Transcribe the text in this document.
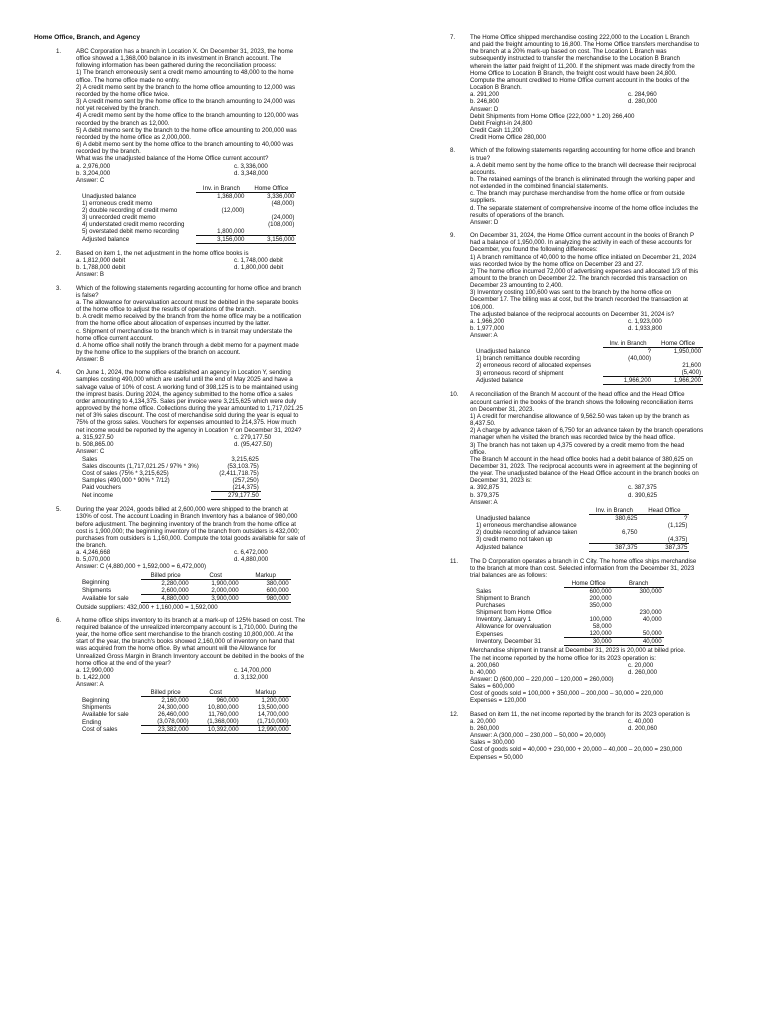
Home Office, Branch, and Agency
1. ABC Corporation has a branch in Location X. On December 31, 2023, the home
office showed a 1,368,000 balance in its investment in Branch account. The
following information has been gathered during the reconciliation process:
1) The branch erroneously sent a credit memo amounting to 48,000 to the home
office. The home office made no entry.
2) A credit memo sent by the branch to the home office amounting to 12,000 was
recorded by the home office twice.
3) A credit memo sent by the home office to the branch amounting to 24,000 was
not yet received by the branch.
4) A credit memo sent by the home office to the branch amounting to 120,000 was
recorded by the branch as 12,000.
5) A debit memo sent by the branch to the home office amounting to 200,000 was
recorded by the home office as 2,000,000.
6) A debit memo sent by the home office to the branch amounting to 40,000 was
recorded by the branch.
What was the unadjusted balance of the Home Office current account?
a. 2,976,000	c. 3,336,000
b. 3,204,000	d. 3,348,000
Answer: C
	Inv. in Branch	Home Office
Unadjusted balance	1,368,000	3,336,000
1) erroneous credit memo		(48,000)
2) double recording of credit memo	(12,000)	
3) unrecorded credit memo		(24,000)
4) understated credit memo recording		(108,000)
5) overstated debit memo recording	1,800,000	
Adjusted balance	3,156,000	3,156,000
2. Based on item 1, the net adjustment in the home office books is
a. 1,812,000 debit	c. 1,748,000 debit
b. 1,788,000 debit	d. 1,800,000 debit
Answer: B
3. Which of the following statements regarding accounting for home office and branch
is false?
a. The allowance for overvaluation account must be debited in the separate books
of the home office to adjust the results of operations of the branch.
b. A credit memo received by the branch from the home office may be a notification
from the home office about allocation of expenses incurred by the latter.
c. Shipment of merchandise to the branch which is in transit may understate the
home office current account.
d. A home office shall notify the branch through a debit memo for a payment made
by the home office to the suppliers of the branch on account.
Answer: B
4. On June 1, 2024, the home office established an agency in Location Y, sending
samples costing 490,000 which are useful until the end of May 2025 and have a
salvage value of 10% of cost. A working fund of 398,125 is to be maintained using
the imprest basis. During 2024, the agency submitted to the home office a sales
order amounting to 4,134,375. Sales per invoice were 3,215,625 which were duly
approved by the home office. Collections during the year amounted to 1,717,021.25
net of 3% sales discount. The cost of merchandise sold during the year is equal to
75% of the gross sales. Vouchers for expenses amounted to 214,375. How much
net income would be reported by the agency in Location Y on December 31, 2024?
a. 315,927.50	c. 279,177.50
b. 508,865.00	d. (95,427.50)
Answer: C
Sales	3,215,625
Sales discounts (1,717,021.25 / 97% * 3%)	(53,103.75)
Cost of sales (75% * 3,215,625)	(2,411,718.75)
Samples (490,000 * 90% * 7/12)	(257,250)
Paid vouchers	(214,375)
Net income	279,177.50
5. During the year 2024, goods billed at 2,600,000 were shipped to the branch at
130% of cost. The account Loading in Branch Inventory has a balance of 980,000
before adjustment. The beginning inventory of the branch from the home office at
cost is 1,900,000; the beginning inventory of the branch from outsiders is 432,000;
purchases from outsiders is 1,160,000. Compute the total goods available for sale of
the branch.
a. 4,246,668	c. 6,472,000
b. 5,070,000	d. 4,880,000
Answer: C (4,880,000 + 1,592,000 = 6,472,000)
	Billed price	Cost	Markup
Beginning	2,280,000	1,900,000	380,000
Shipments	2,600,000	2,000,000	600,000
Available for sale	4,880,000	3,900,000	980,000
Outside suppliers: 432,000 + 1,160,000 = 1,592,000
6. A home office ships inventory to its branch at a mark-up of 125% based on cost. The
required balance of the unrealized intercompany account is 1,710,000. During the
year, the home office sent merchandise to the branch costing 10,800,000. At the
start of the year, the branch's books showed 2,160,000 of inventory on hand that
was acquired from the home office. By what amount will the Allowance for
Unrealized Gross Margin in Branch Inventory account be debited in the books of the
home office at the end of the year?
a. 12,990,000	c. 14,700,000
b. 1,422,000	d. 3,132,000
Answer: A
	Billed price	Cost	Markup
Beginning	2,160,000	960,000	1,200,000
Shipments	24,300,000	10,800,000	13,500,000
Available for sale	26,460,000	11,760,000	14,700,000
Ending	(3,078,000)	(1,368,000)	(1,710,000)
Cost of sales	23,382,000	10,392,000	12,990,000
7. The Home Office shipped merchandise costing 222,000 to the Location L Branch
and paid the freight amounting to 16,800. The Home Office transfers merchandise to
the branch at a 20% mark-up based on cost. The Location L Branch was
subsequently instructed to transfer the merchandise to the Location B Branch
wherein the latter paid freight of 11,200. If the shipment was made directly from the
Home Office to Location B Branch, the freight cost would have been 24,800.
Compute the amount credited to Home Office current account in the books of the
Location B Branch.
a. 291,200	c. 284,960
b. 246,800	d. 280,000
Answer: D
Debit Shipments from Home Office (222,000 * 1.20) 266,400
Debit Freight-in 24,800
Credit Cash 11,200
Credit Home Office 280,000
8. Which of the following statements regarding accounting for home office and branch
is true?
a. A debit memo sent by the home office to the branch will decrease their reciprocal
accounts.
b. The retained earnings of the branch is eliminated through the working paper and
not extended in the combined financial statements.
c. The branch may purchase merchandise from the home office or from outside
suppliers.
d. The separate statement of comprehensive income of the home office includes the
results of operations of the branch.
Answer: D
9. On December 31, 2024, the Home Office current account in the books of Branch P
had a balance of 1,950,000. In analyzing the activity in each of these accounts for
December, you found the following differences:
1) A branch remittance of 40,000 to the home office initiated on December 21, 2024
was recorded twice by the home office on December 23 and 27.
2) The home office incurred 72,000 of advertising expenses and allocated 1/3 of this
amount to the branch on December 22. The branch recorded this transaction on
December 23 amounting to 2,400.
3) Inventory costing 100,600 was sent to the branch by the home office on
December 17. The billing was at cost, but the branch recorded the transaction at
106,000.
The adjusted balance of the reciprocal accounts on December 31, 2024 is?
a. 1,966,200	c. 1,923,000
b. 1,977,000	d. 1,933,800
Answer: A
	Inv. in Branch	Home Office
Unadjusted balance	?	1,950,000
1) branch remittance double recording	(40,000)	
2) erroneous record of allocated expenses		21,600
3) erroneous record of shipment		(5,400)
Adjusted balance	1,966,200	1,966,200
10. A reconciliation of the Branch M account of the head office and the Head Office
account carried in the books of the branch shows the following reconciliation items
on December 31, 2023.
1) A credit for merchandise allowance of 9,562.50 was taken up by the branch as
8,437.50.
2) A charge by advance taken of 6,750 for an advance taken by the branch operations
manager when he visited the branch was recorded twice by the head office.
3) The branch has not taken up 4,375 covered by a credit memo from the head
office.
The Branch M account in the head office books had a debit balance of 380,625 on
December 31, 2023. The reciprocal accounts were in agreement at the beginning of
the year. The unadjusted balance of the Head Office account in the branch books on
December 31, 2023 is:
a. 392,875	c. 387,375
b. 379,375	d. 390,625
Answer: A
	Inv. in Branch	Head Office
Unadjusted balance	380,625	?
1) erroneous merchandise allowance		(1,125)
2) double recording of advance taken	6,750	
3) credit memo not taken up		(4,375)
Adjusted balance	387,375	387,375
11. The D Corporation operates a branch in C City. The home office ships merchandise
to the branch at more than cost. Selected information from the December 31, 2023
trial balances are as follows:
	Home Office	Branch
Sales	600,000	300,000
Shipment to Branch	200,000	
Purchases	350,000	
Shipment from Home Office		230,000
Inventory, January 1	100,000	40,000
Allowance for overvaluation	58,000	
Expenses	120,000	50,000
Inventory, December 31	30,000	40,000
Merchandise shipment in transit at December 31, 2023 is 20,000 at billed price.
The net income reported by the home office for its 2023 operation is:
a. 200,060	c. 20,000
b. 40,000	d. 260,000
Answer: D (600,000 – 220,000 – 120,000 = 260,000)
Sales = 600,000
Cost of goods sold = 100,000 + 350,000 – 200,000 – 30,000 = 220,000
Expenses = 120,000
12. Based on item 11, the net income reported by the branch for its 2023 operation is
a. 20,000	c. 40,000
b. 260,000	d. 200,060
Answer: A (300,000 – 230,000 – 50,000 = 20,000)
Sales = 300,000
Cost of goods sold = 40,000 + 230,000 + 20,000 – 40,000 – 20,000 = 230,000
Expenses = 50,000
